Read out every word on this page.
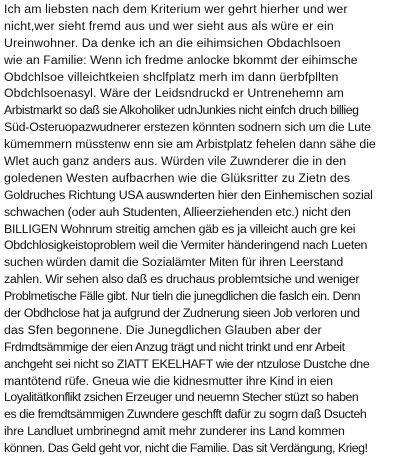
Ich am liebsten nach dem Kriterium wer gehrt hierher und wer
nicht,wer sieht fremd aus und wer sieht aus als würe er ein
Ureinwohner. Da denke ich an die eihimsichen Obdachlsoen
wie an Familie: Wenn ich fredme anlocke bkommt der eihimsche
Obdchlsoe villeichtkeien shclfplatz merh im dann üerbfpllten
Obdchlsoenasyl. Wäre der Leidsndruckd er Untrenehemn am
Arbistmarkt so daß sie Alkoholiker udnJunkies nicht einfch druch billieg
Süd-Osteruopazwudnerer erstezen könnten sodnern sich um die Lute
kümemmern müsstenw enn sie am Arbistplatz fehelen dann sähe die
Wlet auch ganz anders aus. Würden vile Zuwnderer die in den
goledenen Westen aufbacrhen wie die Glüksritter zu Zietn des
Goldruches Richtung USA auswnderten hier den Einhemischen sozial
schwachen (oder auh Studenten, Allieerziehenden etc.) nicht den
BILLIGEN Wohnrum streitig amchen gäb es ja villeicht auch gre kei
Obdchlosigkeistoproblem weil die Vermiter händeringend nach Lueten
suchen würden damit die Sozialämter Miten für ihren Leerstand
zahlen. Wir sehen also daß es druchaus problemtsiche und weniger
Problmetische Fälle gibt. Nur tieln die junegdlichen die faslch ein. Denn
der Obdhclose hat ja aufgrund der Zudnerung sieen Job verloren und
das Sfen begonnene. Die Junegdlichen Glauben aber der
Frdmdtsämmige der eien Anzug trägt und nicht trinkt und enr Arbeit
anchgeht sei nicht so ZIATT EKELHAFT wie der ntzulose Dustche dne
mantötend rüfe. Gneua wie die kidnesmutter ihre Kind in eien
Loyalitätkonflikt zsichen Erzeuger und neuemn Stecher stüzt so haben
es die fremdtsämmigen Zuwndere geschfft dafür zu sogrn daß Dsucteh
ihre Landluet umbrinegnd amit mehr zunderer ins Land kommen
können. Das Geld geht vor, nicht die Familie. Das sit Verdängung, Krieg!
